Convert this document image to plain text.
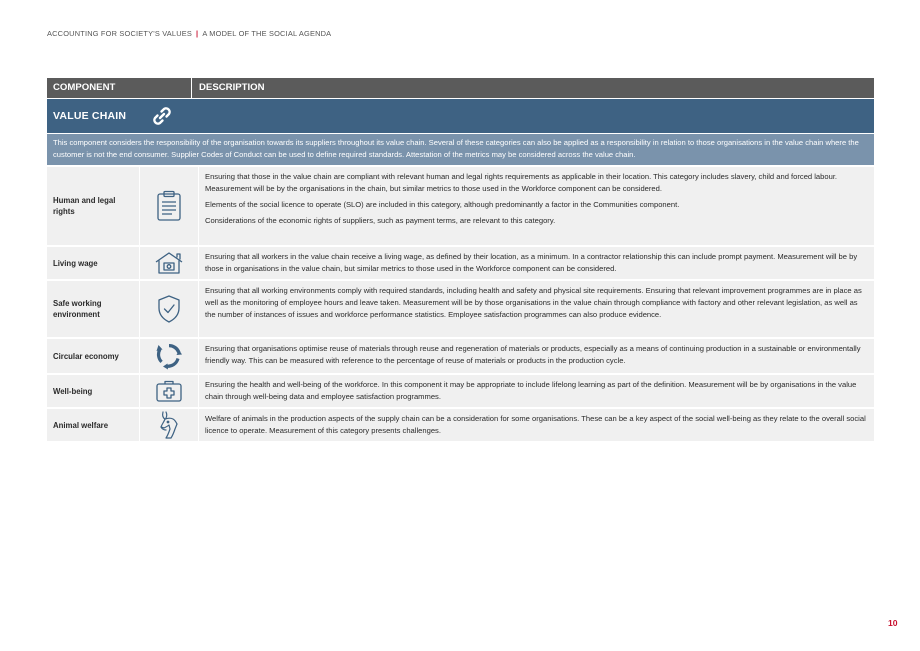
ACCOUNTING FOR SOCIETY'S VALUES | A MODEL OF THE SOCIAL AGENDA
COMPONENT	DESCRIPTION
VALUE CHAIN
This component considers the responsibility of the organisation towards its suppliers throughout its value chain. Several of these categories can also be applied as a responsibility in relation to those organisations in the value chain where the customer is not the end consumer. Supplier Codes of Conduct can be used to define required standards. Attestation of the metrics may be considered across the value chain.
Human and legal rights

Ensuring that those in the value chain are compliant with relevant human and legal rights requirements as applicable in their location. This category includes slavery, child and forced labour. Measurement will be by the organisations in the chain, but similar metrics to those used in the Workforce component can be considered.

Elements of the social licence to operate (SLO) are included in this category, although predominantly a factor in the Communities component.

Considerations of the economic rights of suppliers, such as payment terms, are relevant to this category.

Living wage

Ensuring that all workers in the value chain receive a living wage, as defined by their location, as a minimum. In a contractor relationship this can include prompt payment. Measurement will be by those in organisations in the value chain, but similar metrics to those used in the Workforce component can be considered.

Safe working environment

Ensuring that all working environments comply with required standards, including health and safety and physical site requirements. Ensuring that relevant improvement programmes are in place as well as the monitoring of employee hours and leave taken. Measurement will be by those organisations in the value chain through compliance with factory and other relevant legislation, as well as the number of instances of issues and workforce performance statistics. Employee satisfaction programmes can also produce evidence.

Circular economy

Ensuring that organisations optimise reuse of materials through reuse and regeneration of materials or products, especially as a means of continuing production in a sustainable or environmentally friendly way. This can be measured with reference to the percentage of reuse of materials or products in the production cycle.

Well-being

Ensuring the health and well-being of the workforce. In this component it may be appropriate to include lifelong learning as part of the definition. Measurement will be by organisations in the value chain through well-being data and employee satisfaction programmes.

Animal welfare

Welfare of animals in the production aspects of the supply chain can be a consideration for some organisations. These can be a key aspect of the social well-being as they relate to the overall social licence to operate. Measurement of this category presents challenges.

10
